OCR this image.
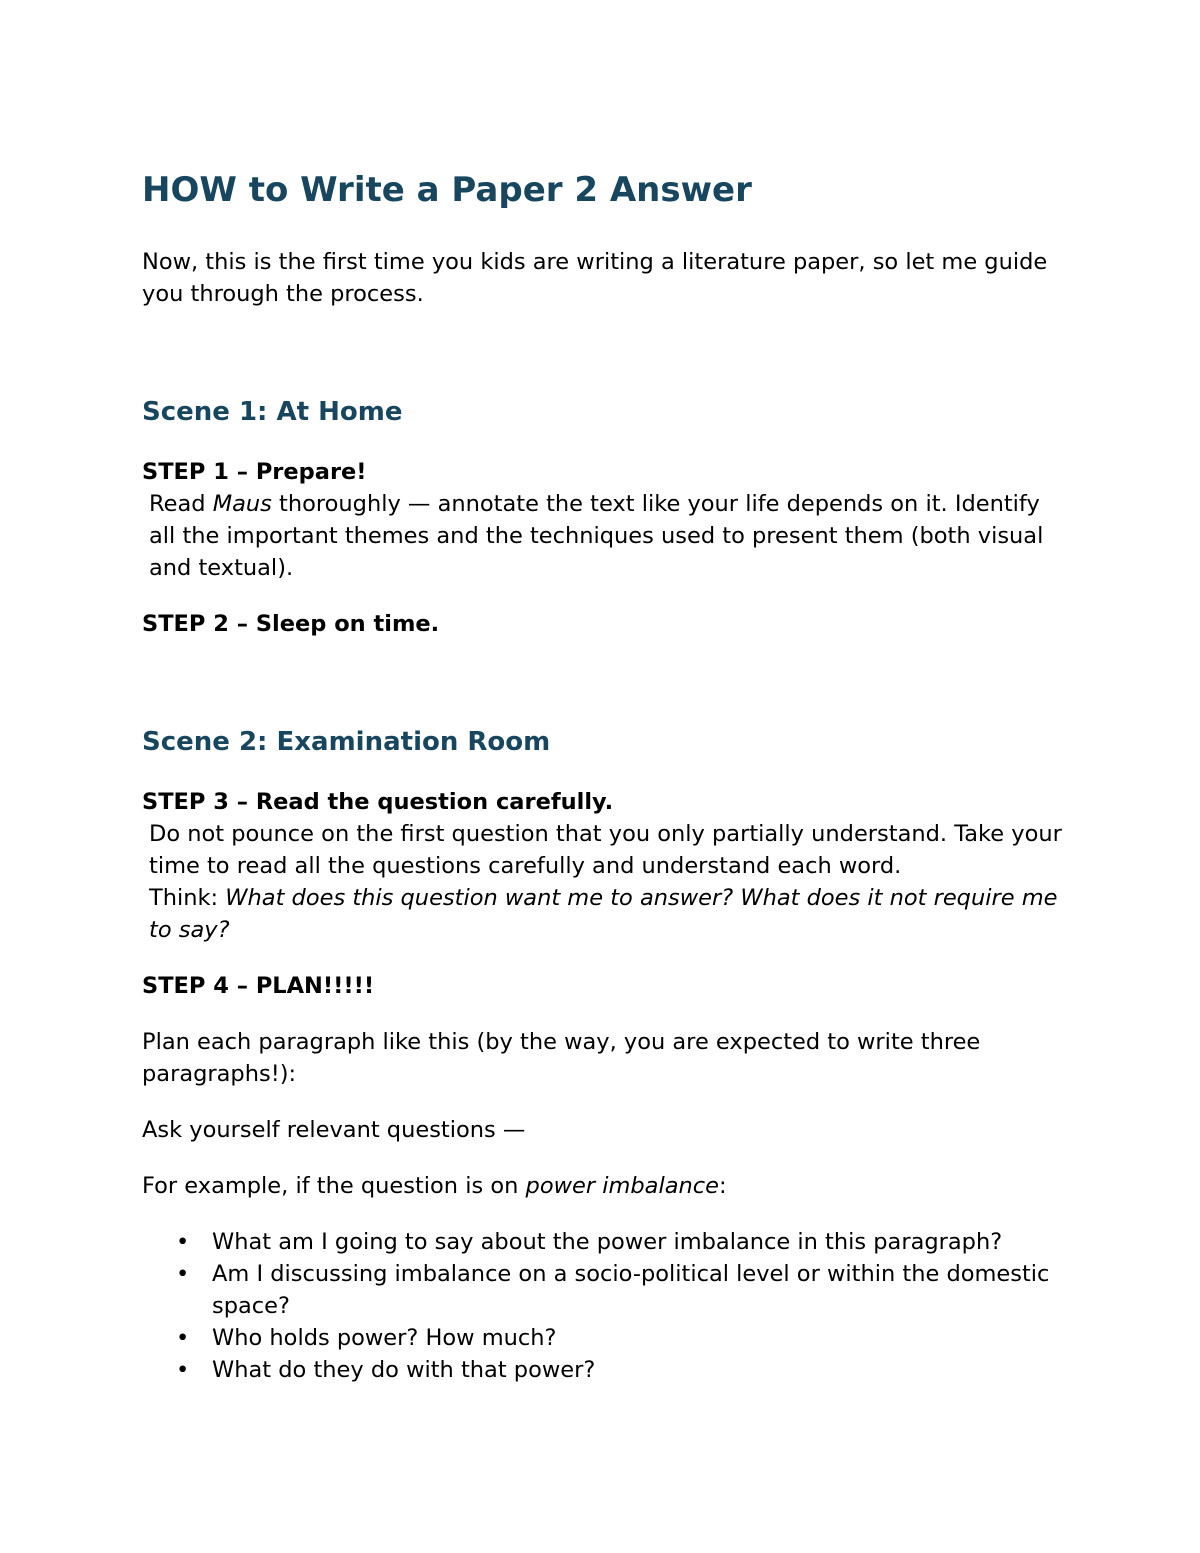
HOW to Write a Paper 2 Answer

Now, this is the first time you kids are writing a literature paper, so let me guide you through the process.

Scene 1: At Home
STEP 1 – Prepare!

Read Maus thoroughly — annotate the text like your life depends on it. Identify all the important themes and the techniques used to present them (both visual and textual).

STEP 2 – Sleep on time.

Scene 2: Examination Room
STEP 3 – Read the question carefully.

Do not pounce on the first question that you only partially understand. Take your time to read all the questions carefully and understand each word.

Think: What does this question want me to answer? What does it not require me to say?

STEP 4 – PLAN!!!!!

Plan each paragraph like this (by the way, you are expected to write three paragraphs!):

Ask yourself relevant questions —

For example, if the question is on power imbalance:

• What am I going to say about the power imbalance in this paragraph?
• Am I discussing imbalance on a socio-political level or within the domestic space?
• Who holds power? How much?
• What do they do with that power?
